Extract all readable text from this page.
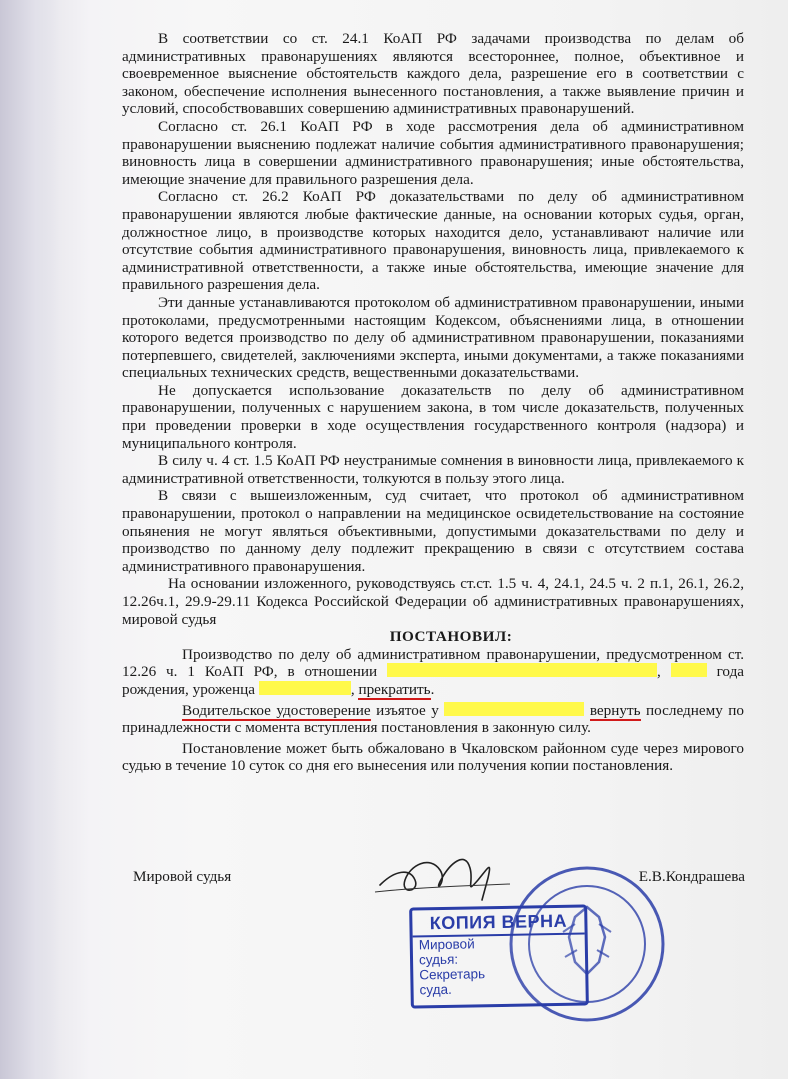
В соответствии со ст. 24.1 КоАП РФ задачами производства по делам об административных правонарушениях являются всестороннее, полное, объективное и своевременное выяснение обстоятельств каждого дела, разрешение его в соответствии с законом, обеспечение исполнения вынесенного постановления, а также выявление причин и условий, способствовавших совершению административных правонарушений.

Согласно ст. 26.1 КоАП РФ в ходе рассмотрения дела об административном правонарушении выяснению подлежат наличие события административного правонарушения; виновность лица в совершении административного правонарушения; иные обстоятельства, имеющие значение для правильного разрешения дела.

Согласно ст. 26.2 КоАП РФ доказательствами по делу об административном правонарушении являются любые фактические данные, на основании которых судья, орган, должностное лицо, в производстве которых находится дело, устанавливают наличие или отсутствие события административного правонарушения, виновность лица, привлекаемого к административной ответственности, а также иные обстоятельства, имеющие значение для правильного разрешения дела.

Эти данные устанавливаются протоколом об административном правонарушении, иными протоколами, предусмотренными настоящим Кодексом, объяснениями лица, в отношении которого ведется производство по делу об административном правонарушении, показаниями потерпевшего, свидетелей, заключениями эксперта, иными документами, а также показаниями специальных технических средств, вещественными доказательствами.

Не допускается использование доказательств по делу об административном правонарушении, полученных с нарушением закона, в том числе доказательств, полученных при проведении проверки в ходе осуществления государственного контроля (надзора) и муниципального контроля.

В силу ч. 4 ст. 1.5 КоАП РФ неустранимые сомнения в виновности лица, привлекаемого к административной ответственности, толкуются в пользу этого лица.

В связи с вышеизложенным, суд считает, что протокол об административном правонарушении, протокол о направлении на медицинское освидетельствование на состояние опьянения не могут являться объективными, допустимыми доказательствами по делу и производство по данному делу подлежит прекращению в связи с отсутствием состава административного правонарушения.

На основании изложенного, руководствуясь ст.ст. 1.5 ч. 4, 24.1, 24.5 ч. 2 п.1, 26.1, 26.2, 12.26ч.1, 29.9-29.11 Кодекса Российской Федерации об административных правонарушениях, мировой судья

ПОСТАНОВИЛ:

Производство по делу об административном правонарушении, предусмотренном ст. 12.26 ч. 1 КоАП РФ, в отношении	,	года рождения, уроженца	, прекратить.

Водительское удостоверение изъятое у	вернуть последнему по принадлежности с момента вступления постановления в законную силу.

Постановление может быть обжаловано в Чкаловском районном суде через мирового судью в течение 10 суток со дня его вынесения или получения копии постановления.

Мировой судья	Е.В.Кондрашева
КОПИЯ ВЕРНА
Мировой
судья:
Секретарь
суда.
